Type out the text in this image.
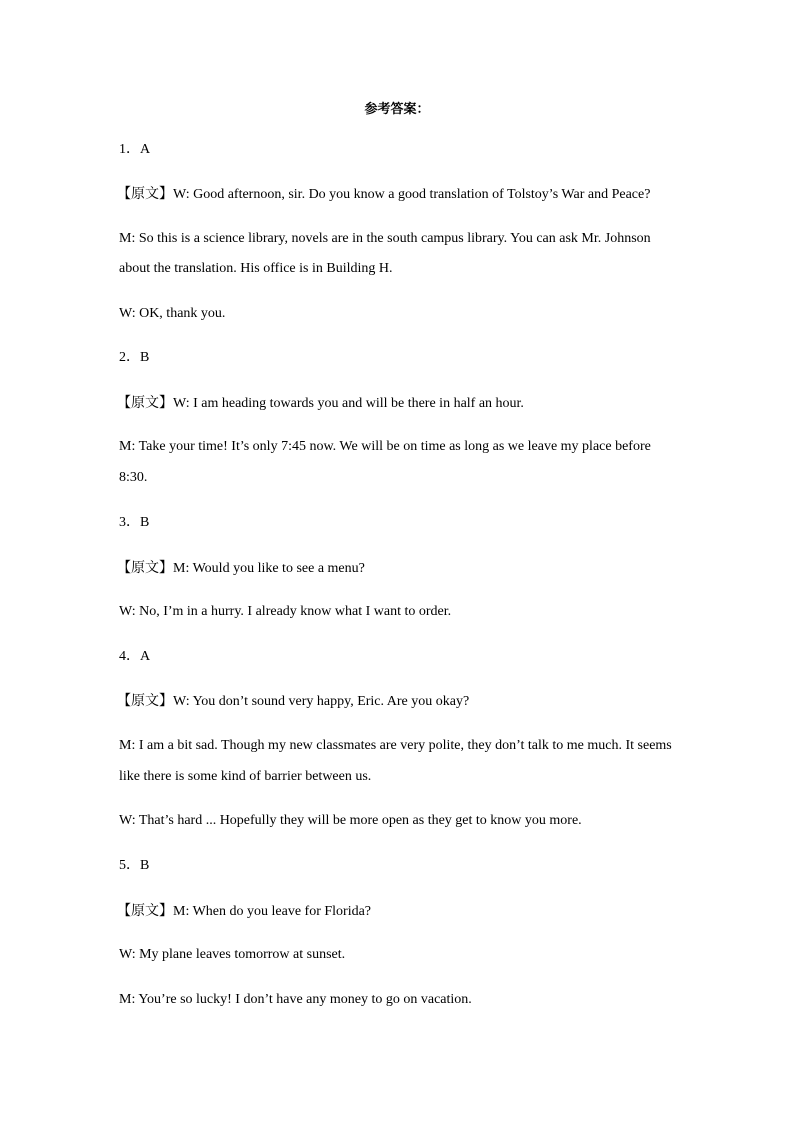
参考答案：
1．A
【原文】W: Good afternoon, sir. Do you know a good translation of Tolstoy’s War and Peace?
M: So this is a science library, novels are in the south campus library. You can ask Mr. Johnson
about the translation. His office is in Building H.
W: OK, thank you.
2．B
【原文】W: I am heading towards you and will be there in half an hour.
M: Take your time! It’s only 7:45 now. We will be on time as long as we leave my place before
8:30.
3．B
【原文】M: Would you like to see a menu?
W: No, I’m in a hurry. I already know what I want to order.
4．A
【原文】W: You don’t sound very happy, Eric. Are you okay?
M: I am a bit sad. Though my new classmates are very polite, they don’t talk to me much. It seems
like there is some kind of barrier between us.
W: That’s hard ... Hopefully they will be more open as they get to know you more.
5．B
【原文】M: When do you leave for Florida?
W: My plane leaves tomorrow at sunset.
M: You’re so lucky! I don’t have any money to go on vacation.
